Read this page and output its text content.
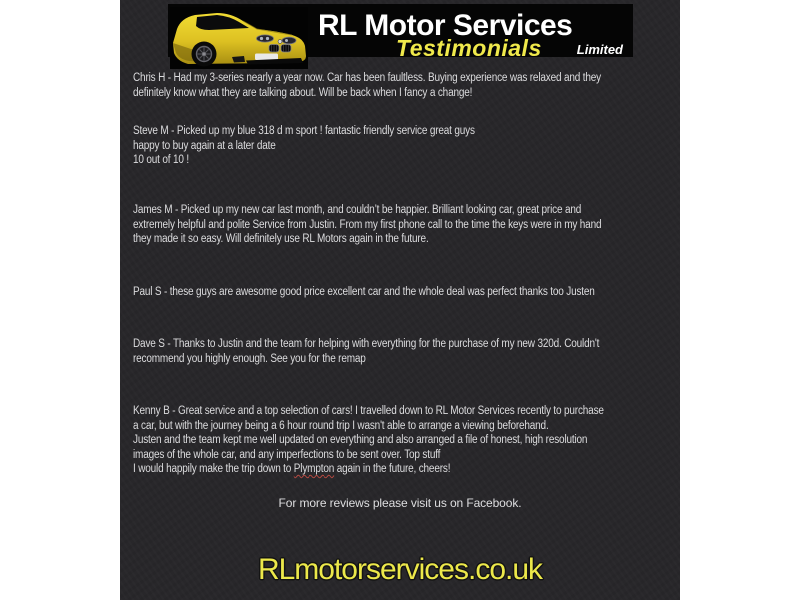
RL Motor Services
Testimonials	Limited
Chris H - Had my 3-series nearly a year now. Car has been faultless. Buying experience was relaxed and they
definitely know what they are talking about. Will be back when I fancy a change!
Steve M - Picked up my blue 318 d m sport ! fantastic friendly service great guys
happy to buy again at a later date
10 out of 10 !
James M - Picked up my new car last month, and couldn’t be happier. Brilliant looking car, great price and
extremely helpful and polite Service from Justin. From my first phone call to the time the keys were in my hand
they made it so easy. Will definitely use RL Motors again in the future.
Paul S - these guys are awesome good price excellent car and the whole deal was perfect thanks too Justen
Dave S - Thanks to Justin and the team for helping with everything for the purchase of my new 320d. Couldn't
recommend you highly enough. See you for the remap
Kenny B - Great service and a top selection of cars! I travelled down to RL Motor Services recently to purchase
a car, but with the journey being a 6 hour round trip I wasn't able to arrange a viewing beforehand.
Justen and the team kept me well updated on everything and also arranged a file of honest, high resolution
images of the whole car, and any imperfections to be sent over. Top stuff
I would happily make the trip down to Plympton again in the future, cheers!
For more reviews please visit us on Facebook.
RLmotorservices.co.uk
